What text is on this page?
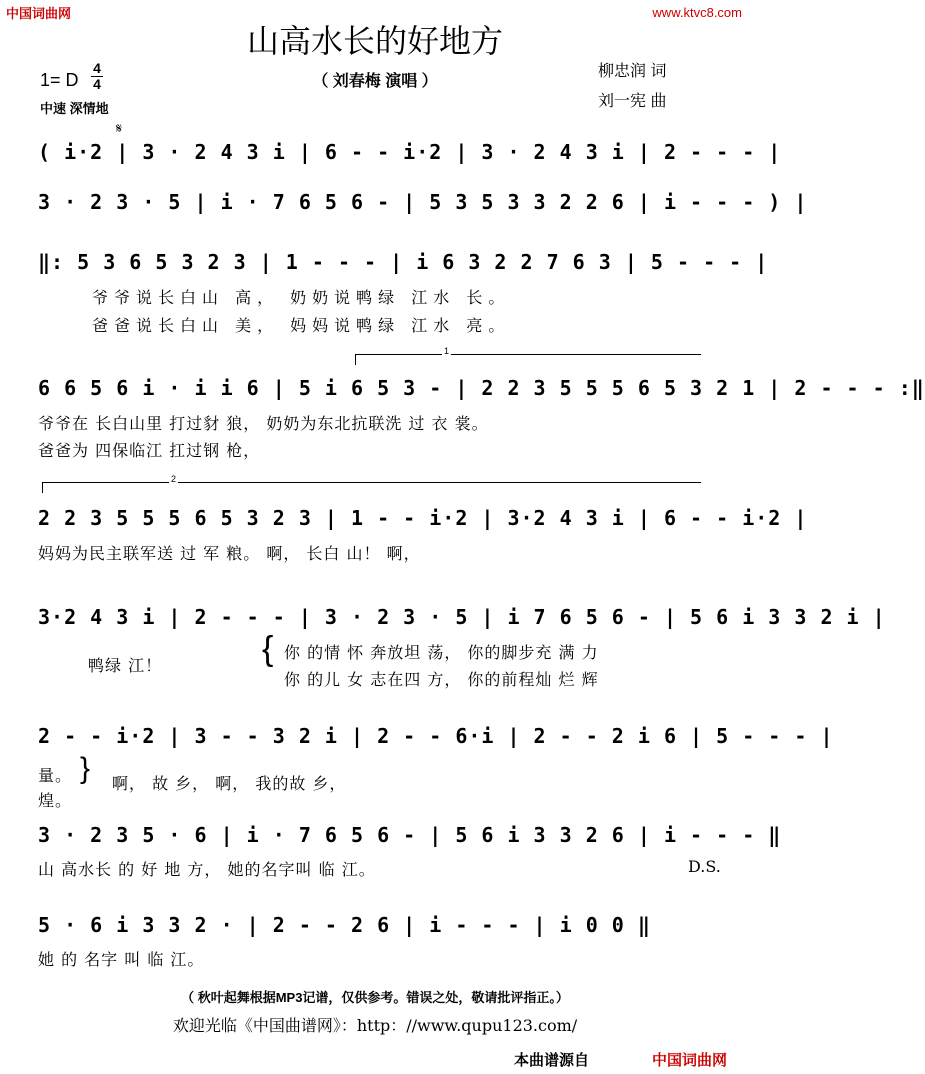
中国词曲网	www.ktvc8.com
山高水长的好地方
（ 刘春梅 演唱 ）
柳忠润 词
刘一宪 曲
1= D
4
4
中速 深情地
𝄋
( i·2 | 3 · 2 4 3 i | 6 - - i·2 | 3 · 2 4 3 i | 2 - - - |
3 · 2 3 · 5 | i · 7 6 5 6 - | 5 3 5 3 3 2 2 6 | i - - - ) |
‖: 5 3 6 5 3 2 3 | 1 - - - | i 6 3 2 2 7 6 3 | 5 - - - |
爷爷说长白山 高， 奶奶说鸭绿 江水 长。
爸爸说长白山 美， 妈妈说鸭绿 江水 亮。
1
6 6 5 6 i · i i 6 | 5 i 6 5 3 - | 2 2 3 5 5 5 6 5 3 2 1 | 2 - - - :‖
爷爷在 长白山里 打过豺 狼， 奶奶为东北抗联洗 过 衣 裳。
爸爸为 四保临江 扛过钢 枪，
2
2 2 3 5 5 5 6 5 3 2 3 | 1 - - i·2 | 3·2 4 3 i | 6 - - i·2 |
妈妈为民主联军送 过 军 粮。 啊， 长白 山！ 啊，
3·2 4 3 i | 2 - - - | 3 · 2 3 · 5 | i 7 6 5 6 - | 5 6 i 3 3 2 i |
鸭绿 江！	{ 你 的情 怀 奔放坦 荡， 你的脚步充 满 力
你 的儿 女 志在四 方， 你的前程灿 烂 辉
2 - - i·2 | 3 - - 3 2 i | 2 - - 6·i | 2 - - 2 i 6 | 5 - - - |
量。
煌。
} 啊， 故 乡， 啊， 我的故 乡，
3 · 2 3 5 · 6 | i · 7 6 5 6 - | 5 6 i 3 3 2 6 | i - - - ‖
山 高水长 的 好 地 方， 她的名字叫 临 江。	D.S.
5 · 6 i 3 3 2 · | 2 - - 2 6 | i - - - | i 0 0 ‖
她 的 名字 叫 临 江。
（ 秋叶起舞根据MP3记谱，仅供参考。错误之处，敬请批评指正。）
欢迎光临《中国曲谱网》：http：//www.qupu123.com/
本曲谱源自	中国词曲网
